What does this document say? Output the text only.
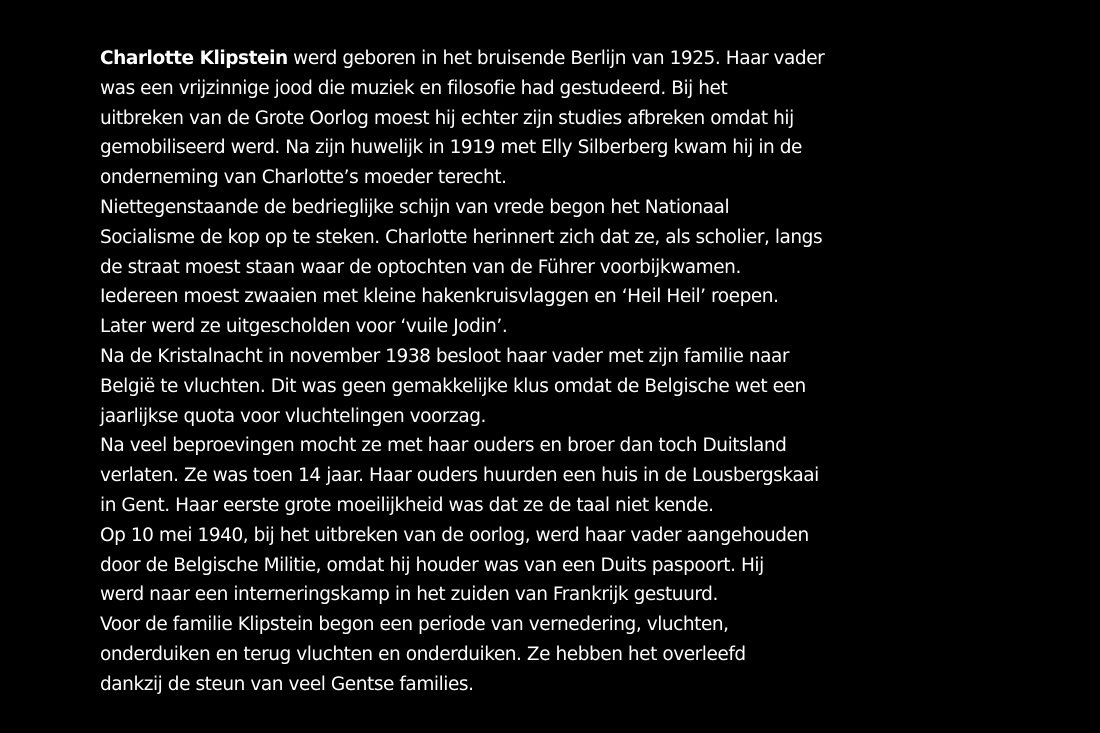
Charlotte Klipstein werd geboren in het bruisende Berlijn van 1925. Haar vader
was een vrijzinnige jood die muziek en filosofie had gestudeerd. Bij het
uitbreken van de Grote Oorlog moest hij echter zijn studies afbreken omdat hij
gemobiliseerd werd. Na zijn huwelijk in 1919 met Elly Silberberg kwam hij in de
onderneming van Charlotte’s moeder terecht.
Niettegenstaande de bedrieglijke schijn van vrede begon het Nationaal
Socialisme de kop op te steken. Charlotte herinnert zich dat ze, als scholier, langs
de straat moest staan waar de optochten van de Führer voorbijkwamen.
Iedereen moest zwaaien met kleine hakenkruisvlaggen en ‘Heil Heil’ roepen.
Later werd ze uitgescholden voor ‘vuile Jodin’.
Na de Kristalnacht in november 1938 besloot haar vader met zijn familie naar
België te vluchten. Dit was geen gemakkelijke klus omdat de Belgische wet een
jaarlijkse quota voor vluchtelingen voorzag.
Na veel beproevingen mocht ze met haar ouders en broer dan toch Duitsland
verlaten. Ze was toen 14 jaar. Haar ouders huurden een huis in de Lousbergskaai
in Gent. Haar eerste grote moeilijkheid was dat ze de taal niet kende.
Op 10 mei 1940, bij het uitbreken van de oorlog, werd haar vader aangehouden
door de Belgische Militie, omdat hij houder was van een Duits paspoort. Hij
werd naar een interneringskamp in het zuiden van Frankrijk gestuurd.
Voor de familie Klipstein begon een periode van vernedering, vluchten,
onderduiken en terug vluchten en onderduiken. Ze hebben het overleefd
dankzij de steun van veel Gentse families.
